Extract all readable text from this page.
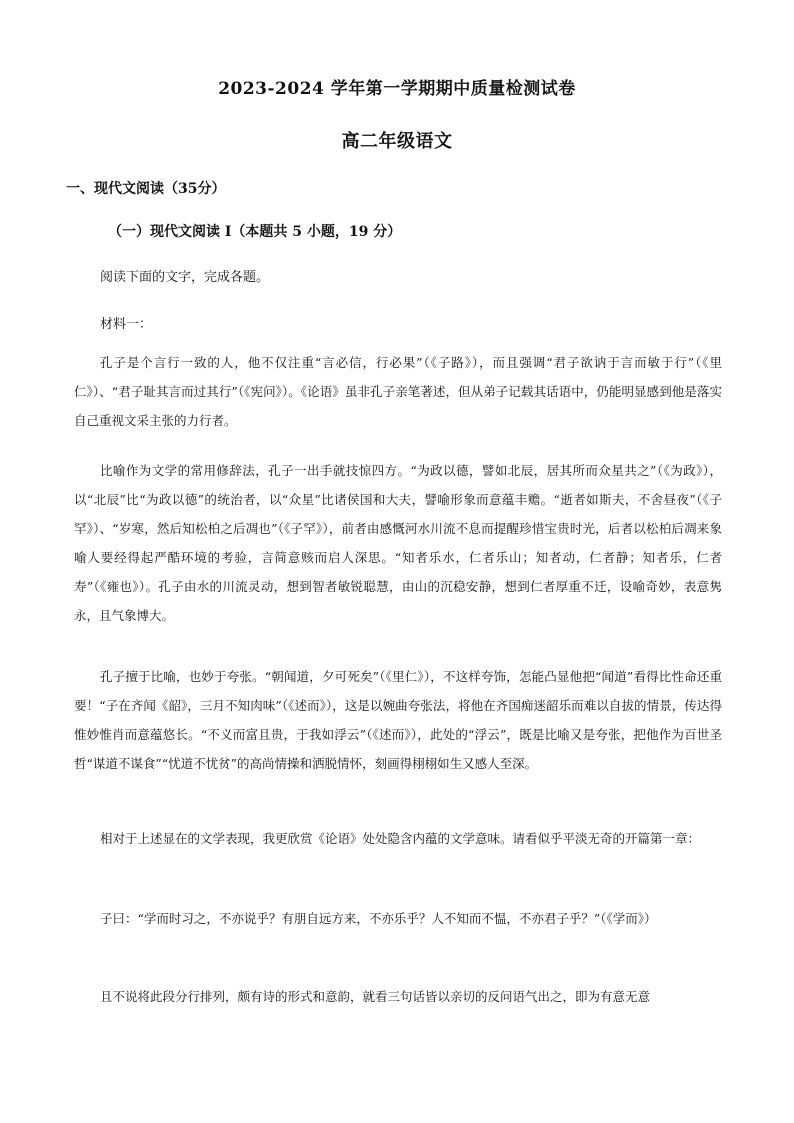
2023-2024 学年第一学期期中质量检测试卷
高二年级语文
一、现代文阅读（35分）
（一）现代文阅读 I（本题共 5 小题，19 分）
阅读下面的文字，完成各题。
材料一：
孔子是个言行一致的人，他不仅注重“言必信，行必果”（《子路》），而且强调“君子欲讷于言而敏于行”（《里仁》）、“君子耻其言而过其行”（《宪问》）。《论语》虽非孔子亲笔著述，但从弟子记载其话语中，仍能明显感到他是落实自己重视文采主张的力行者。
比喻作为文学的常用修辞法，孔子一出手就技惊四方。“为政以德，譬如北辰，居其所而众星共之”（《为政》），以“北辰”比“为政以德”的统治者，以“众星”比诸侯国和大夫，譬喻形象而意蕴丰赡。“逝者如斯夫，不舍昼夜”（《子罕》）、“岁寒，然后知松柏之后凋也”（《子罕》），前者由感慨河水川流不息而提醒珍惜宝贵时光，后者以松柏后凋来象喻人要经得起严酷环境的考验，言简意赅而启人深思。“知者乐水，仁者乐山；知者动，仁者静；知者乐，仁者寿”（《雍也》）。孔子由水的川流灵动，想到智者敏锐聪慧，由山的沉稳安静，想到仁者厚重不迁，设喻奇妙，表意隽永，且气象博大。
孔子擅于比喻，也妙于夸张。“朝闻道，夕可死矣”（《里仁》），不这样夸饰，怎能凸显他把“闻道”看得比性命还重要！“子在齐闻《韶》，三月不知肉味”（《述而》），这是以婉曲夸张法，将他在齐国痴迷韶乐而难以自拔的情景，传达得惟妙惟肖而意蕴悠长。“不义而富且贵，于我如浮云”（《述而》），此处的“浮云”，既是比喻又是夸张，把他作为百世圣哲“谋道不谋食”“忧道不忧贫”的高尚情操和洒脱情怀，刻画得栩栩如生又感人至深。
相对于上述显在的文学表现，我更欣赏《论语》处处隐含内蕴的文学意味。请看似乎平淡无奇的开篇第一章：
子曰：“学而时习之，不亦说乎？有朋自远方来，不亦乐乎？人不知而不愠，不亦君子乎？”（《学而》）
且不说将此段分行排列，颇有诗的形式和意韵，就看三句话皆以亲切的反问语气出之，即为有意无意
